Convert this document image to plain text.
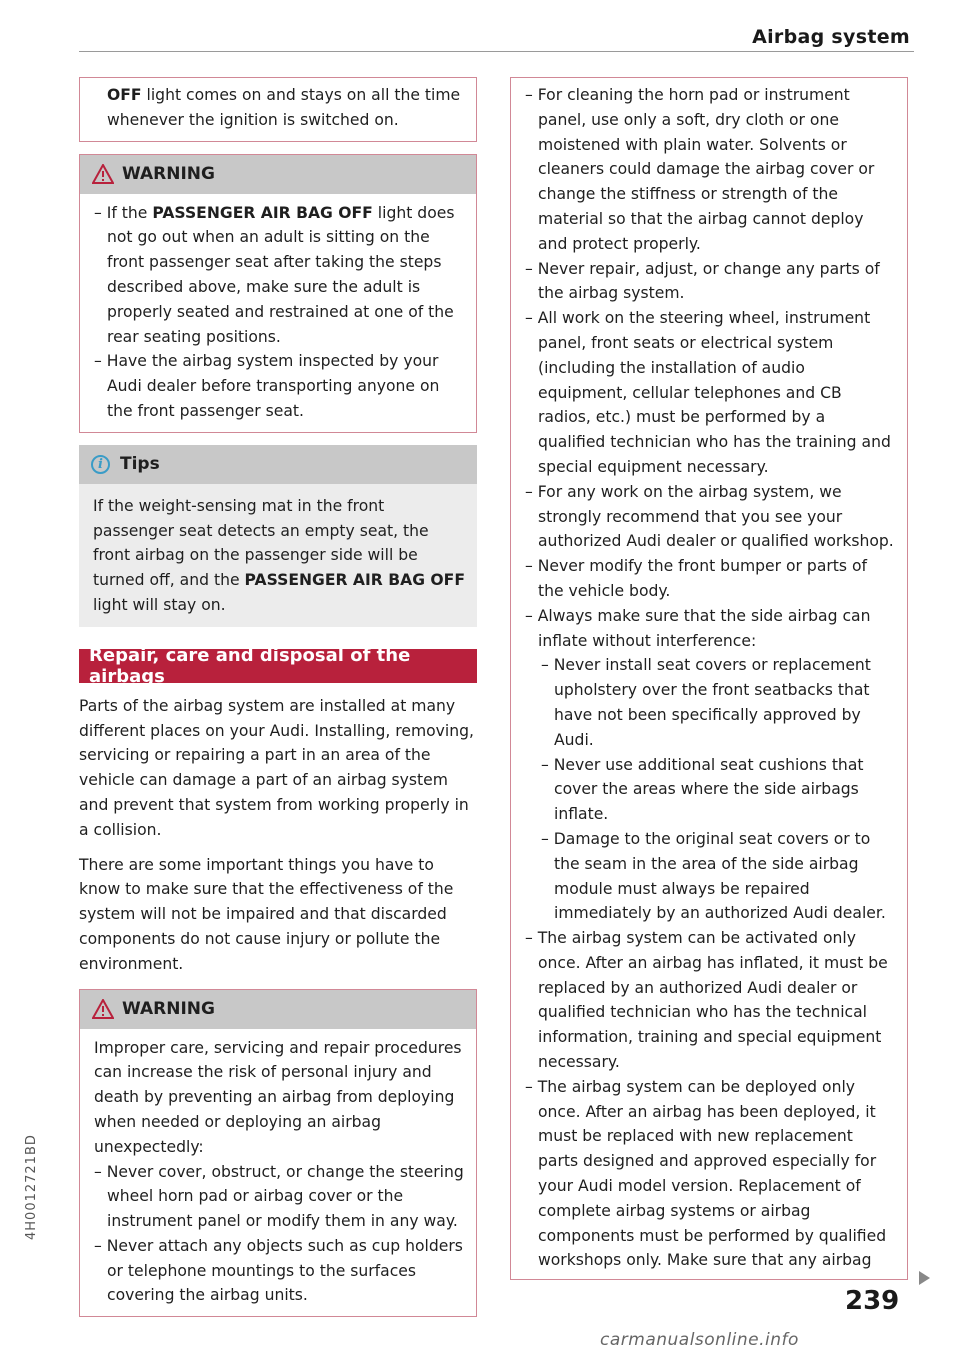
Airbag system
OFF light comes on and stays on all the time whenever the ignition is switched on.
WARNING

– If the PASSENGER AIR BAG OFF light does not go out when an adult is sitting on the front passenger seat after taking the steps described above, make sure the adult is properly seated and restrained at one of the rear seating positions.

– Have the airbag system inspected by your Audi dealer before transporting anyone on the front passenger seat.

i	Tips
If the weight-sensing mat in the front passenger seat detects an empty seat, the front airbag on the passenger side will be turned off, and the PASSENGER AIR BAG OFF light will stay on.
Repair, care and disposal of the airbags

Parts of the airbag system are installed at many different places on your Audi. Installing, removing, servicing or repairing a part in an area of the vehicle can damage a part of an airbag system and prevent that system from working properly in a collision.

There are some important things you have to know to make sure that the effectiveness of the system will not be impaired and that discarded components do not cause injury or pollute the environment.

WARNING

Improper care, servicing and repair procedures can increase the risk of personal injury and death by preventing an airbag from deploying when needed or deploying an airbag unexpectedly:

– Never cover, obstruct, or change the steering wheel horn pad or airbag cover or the instrument panel or modify them in any way.

– Never attach any objects such as cup holders or telephone mountings to the surfaces covering the airbag units.

– For cleaning the horn pad or instrument panel, use only a soft, dry cloth or one moistened with plain water. Solvents or cleaners could damage the airbag cover or change the stiffness or strength of the material so that the airbag cannot deploy and protect properly.

– Never repair, adjust, or change any parts of the airbag system.

– All work on the steering wheel, instrument panel, front seats or electrical system (including the installation of audio equipment, cellular telephones and CB radios, etc.) must be performed by a qualified technician who has the training and special equipment necessary.

– For any work on the airbag system, we strongly recommend that you see your authorized Audi dealer or qualified workshop.

– Never modify the front bumper or parts of the vehicle body.

– Always make sure that the side airbag can inflate without interference:

– Never install seat covers or replacement upholstery over the front seatbacks that have not been specifically approved by Audi.

– Never use additional seat cushions that cover the areas where the side airbags inflate.

– Damage to the original seat covers or to the seam in the area of the side airbag module must always be repaired immediately by an authorized Audi dealer.

– The airbag system can be activated only once. After an airbag has inflated, it must be replaced by an authorized Audi dealer or qualified technician who has the technical information, training and special equipment necessary.

– The airbag system can be deployed only once. After an airbag has been deployed, it must be replaced with new replacement parts designed and approved especially for your Audi model version. Replacement of complete airbag systems or airbag components must be performed by qualified workshops only. Make sure that any airbag

239
4H0012721BD
carmanualsonline.info
